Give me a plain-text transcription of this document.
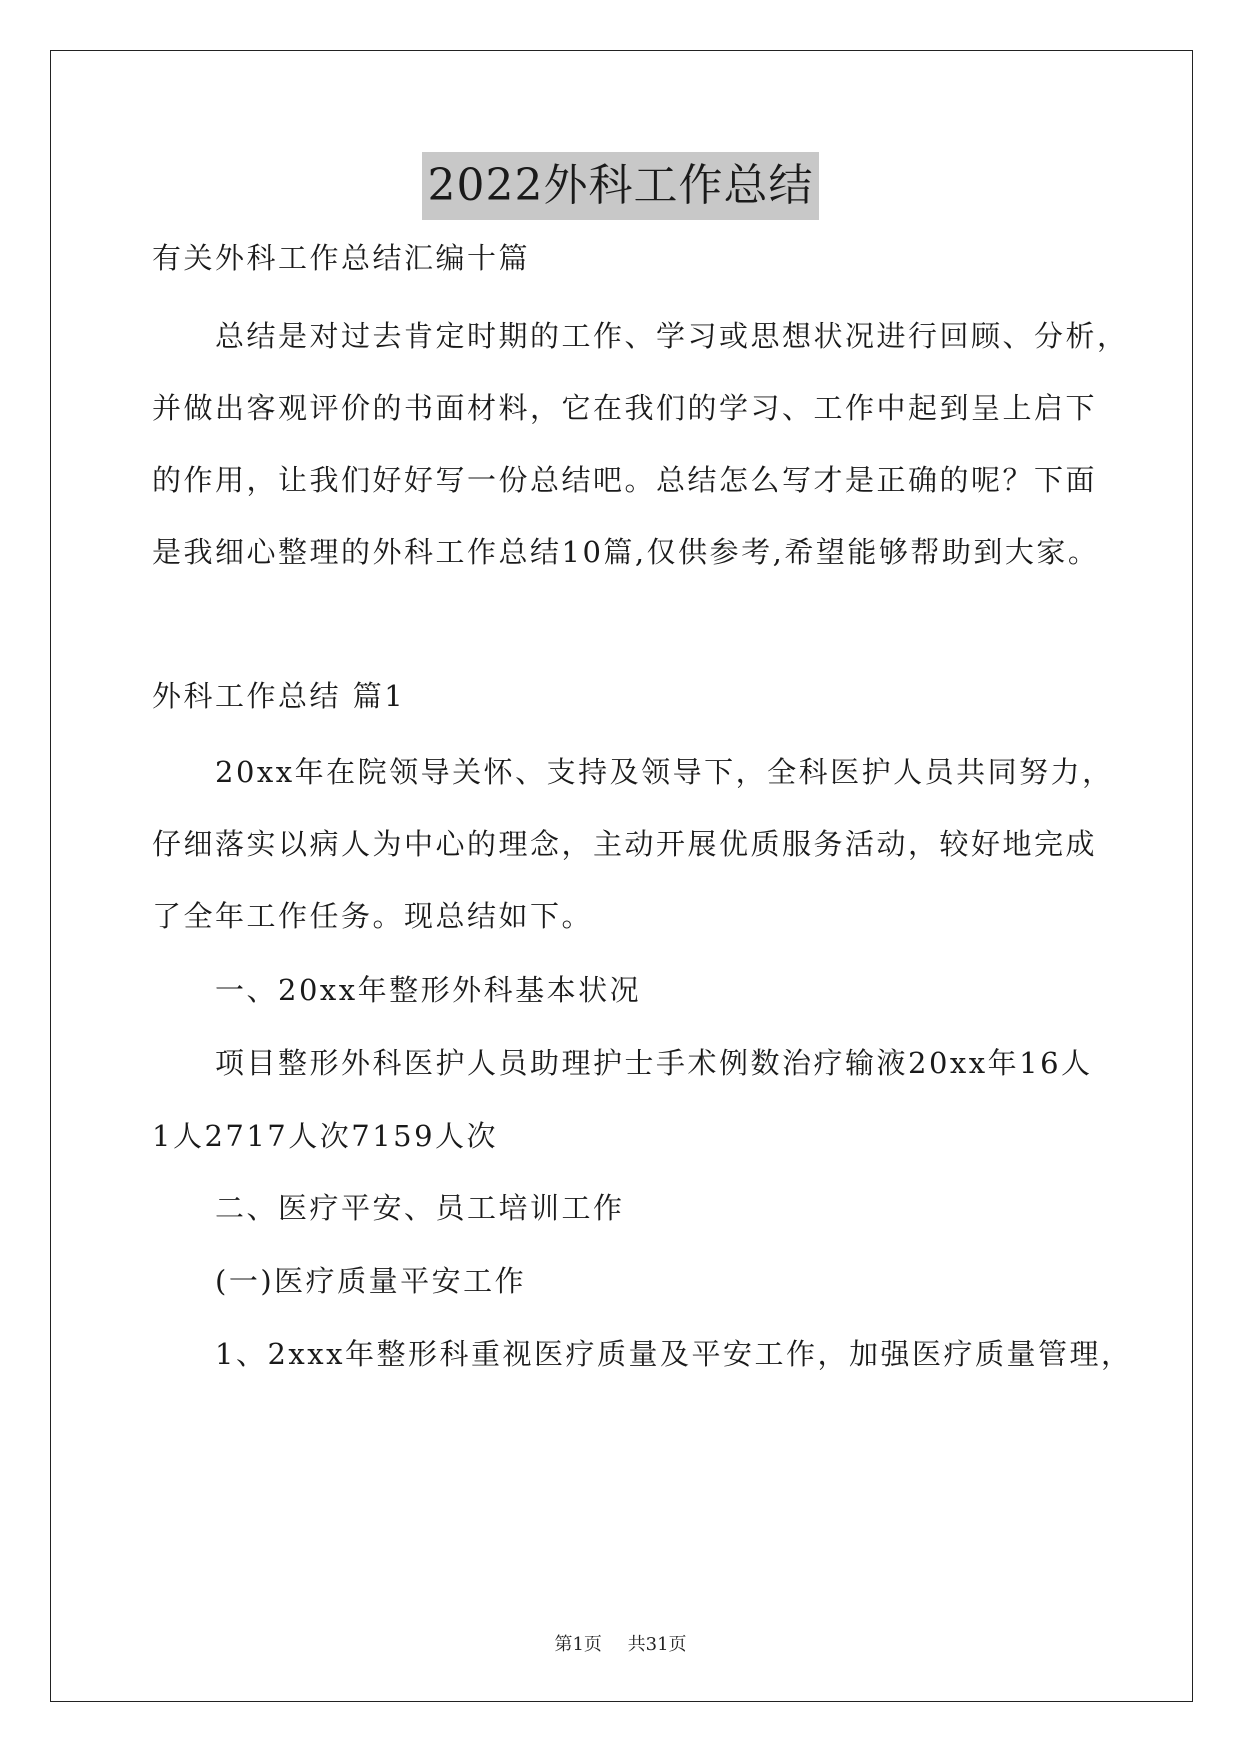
2022外科工作总结
有关外科工作总结汇编十篇
总结是对过去肯定时期的工作、学习或思想状况进行回顾、分析，
并做出客观评价的书面材料，它在我们的学习、工作中起到呈上启下
的作用，让我们好好写一份总结吧。总结怎么写才是正确的呢？下面
是我细心整理的外科工作总结10篇,仅供参考,希望能够帮助到大家。
外科工作总结 篇1
20xx年在院领导关怀、支持及领导下，全科医护人员共同努力，
仔细落实以病人为中心的理念，主动开展优质服务活动，较好地完成
了全年工作任务。现总结如下。
一、20xx年整形外科基本状况
项目整形外科医护人员助理护士手术例数治疗输液20xx年16人
1人2717人次7159人次
二、医疗平安、员工培训工作
(一)医疗质量平安工作
1、2xxx年整形科重视医疗质量及平安工作，加强医疗质量管理，
第1页 共31页
